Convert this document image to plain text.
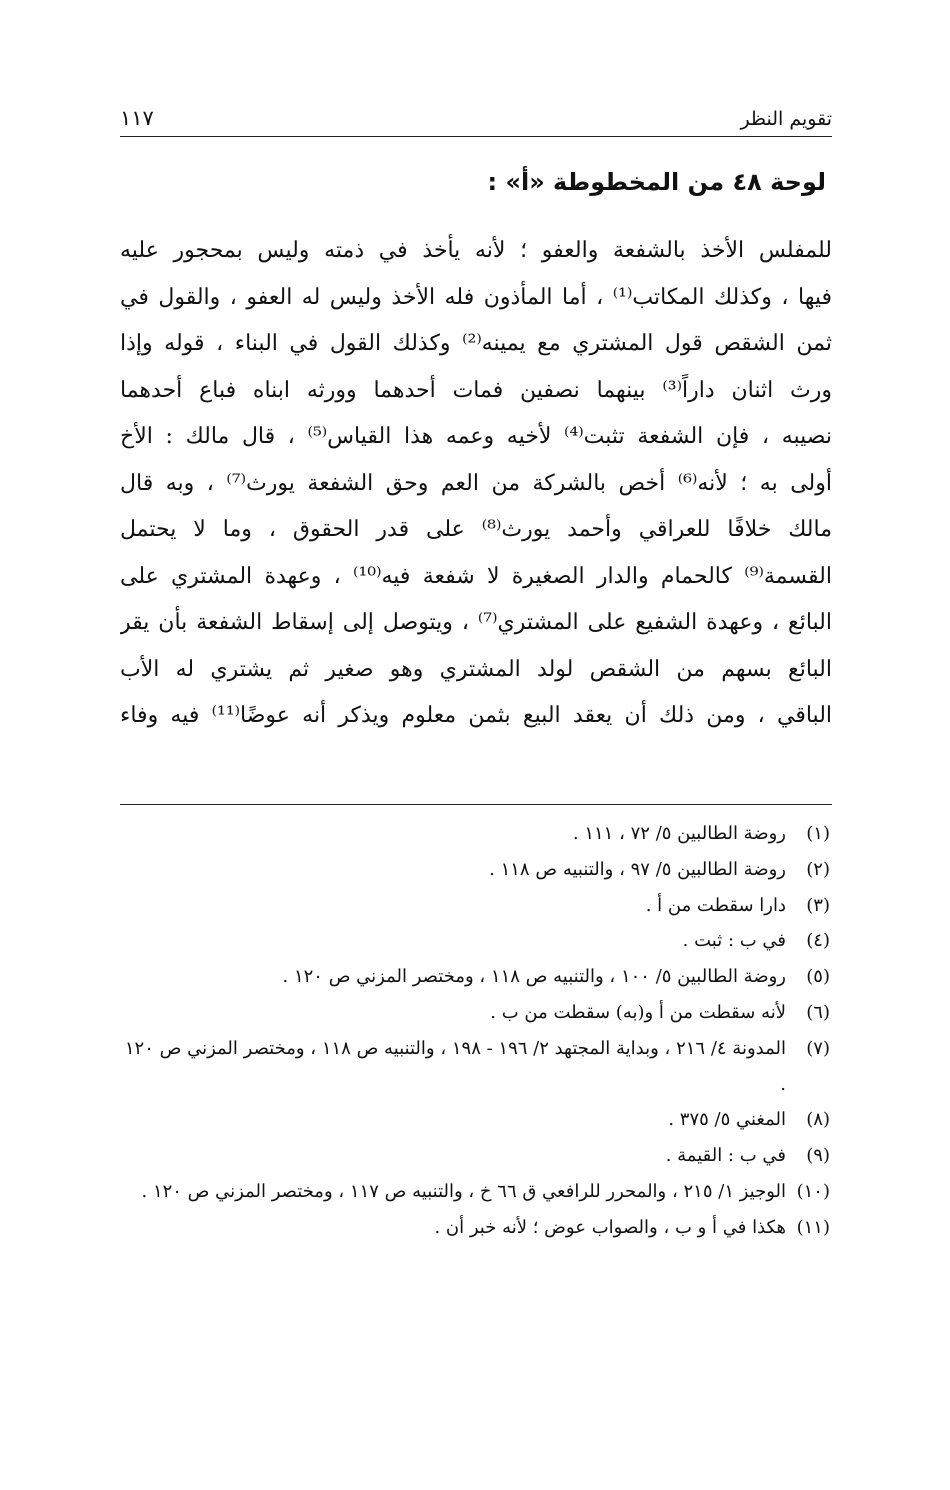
تقويم النظر
١١٧
لوحة ٤٨ من المخطوطة «أ» :
للمفلس الأخذ بالشفعة والعفو ؛ لأنه يأخذ في ذمته وليس بمحجور عليه
فيها ، وكذلك المكاتب⁽¹⁾ ، أما المأذون فله الأخذ وليس له العفو ، والقول في
ثمن الشقص قول المشتري مع يمينه⁽²⁾ وكذلك القول في البناء ، قوله وإذا
ورث اثنان داراً⁽³⁾ بينهما نصفين فمات أحدهما وورثه ابناه فباع أحدهما
نصيبه ، فإن الشفعة تثبت⁽⁴⁾ لأخيه وعمه هذا القياس⁽⁵⁾ ، قال مالك : الأخ
أولى به ؛ لأنه⁽⁶⁾ أخص بالشركة من العم وحق الشفعة يورث⁽⁷⁾ ، وبه قال
مالك خلافًا للعراقي وأحمد يورث⁽⁸⁾ على قدر الحقوق ، وما لا يحتمل
القسمة⁽⁹⁾ كالحمام والدار الصغيرة لا شفعة فيه⁽¹⁰⁾ ، وعهدة المشتري على
البائع ، وعهدة الشفيع على المشتري⁽⁷⁾ ، ويتوصل إلى إسقاط الشفعة بأن يقر
البائع بسهم من الشقص لولد المشتري وهو صغير ثم يشتري له الأب
الباقي ، ومن ذلك أن يعقد البيع بثمن معلوم ويذكر أنه عوضًا⁽¹¹⁾ فيه وفاء
(١)
روضة الطالبين ٥/ ٧٢ ، ١١١ .
(٢)
روضة الطالبين ٥/ ٩٧ ، والتنبيه ص ١١٨ .
(٣)
دارا سقطت من أ .
(٤)
في ب : ثبت .
(٥)
روضة الطالبين ٥/ ١٠٠ ، والتنبيه ص ١١٨ ، ومختصر المزني ص ١٢٠ .
(٦)
لأنه سقطت من أ و(به) سقطت من ب .
(٧)
المدونة ٤/ ٢١٦ ، وبداية المجتهد ٢/ ١٩٦ - ١٩٨ ، والتنبيه ص ١١٨ ، ومختصر المزني ص ١٢٠ .
(٨)
المغني ٥/ ٣٧٥ .
(٩)
في ب : القيمة .
(١٠)
الوجيز ١/ ٢١٥ ، والمحرر للرافعي ق ٦٦ خ ، والتنبيه ص ١١٧ ، ومختصر المزني ص ١٢٠ .
(١١)
هكذا في أ و ب ، والصواب عوض ؛ لأنه خبر أن .
